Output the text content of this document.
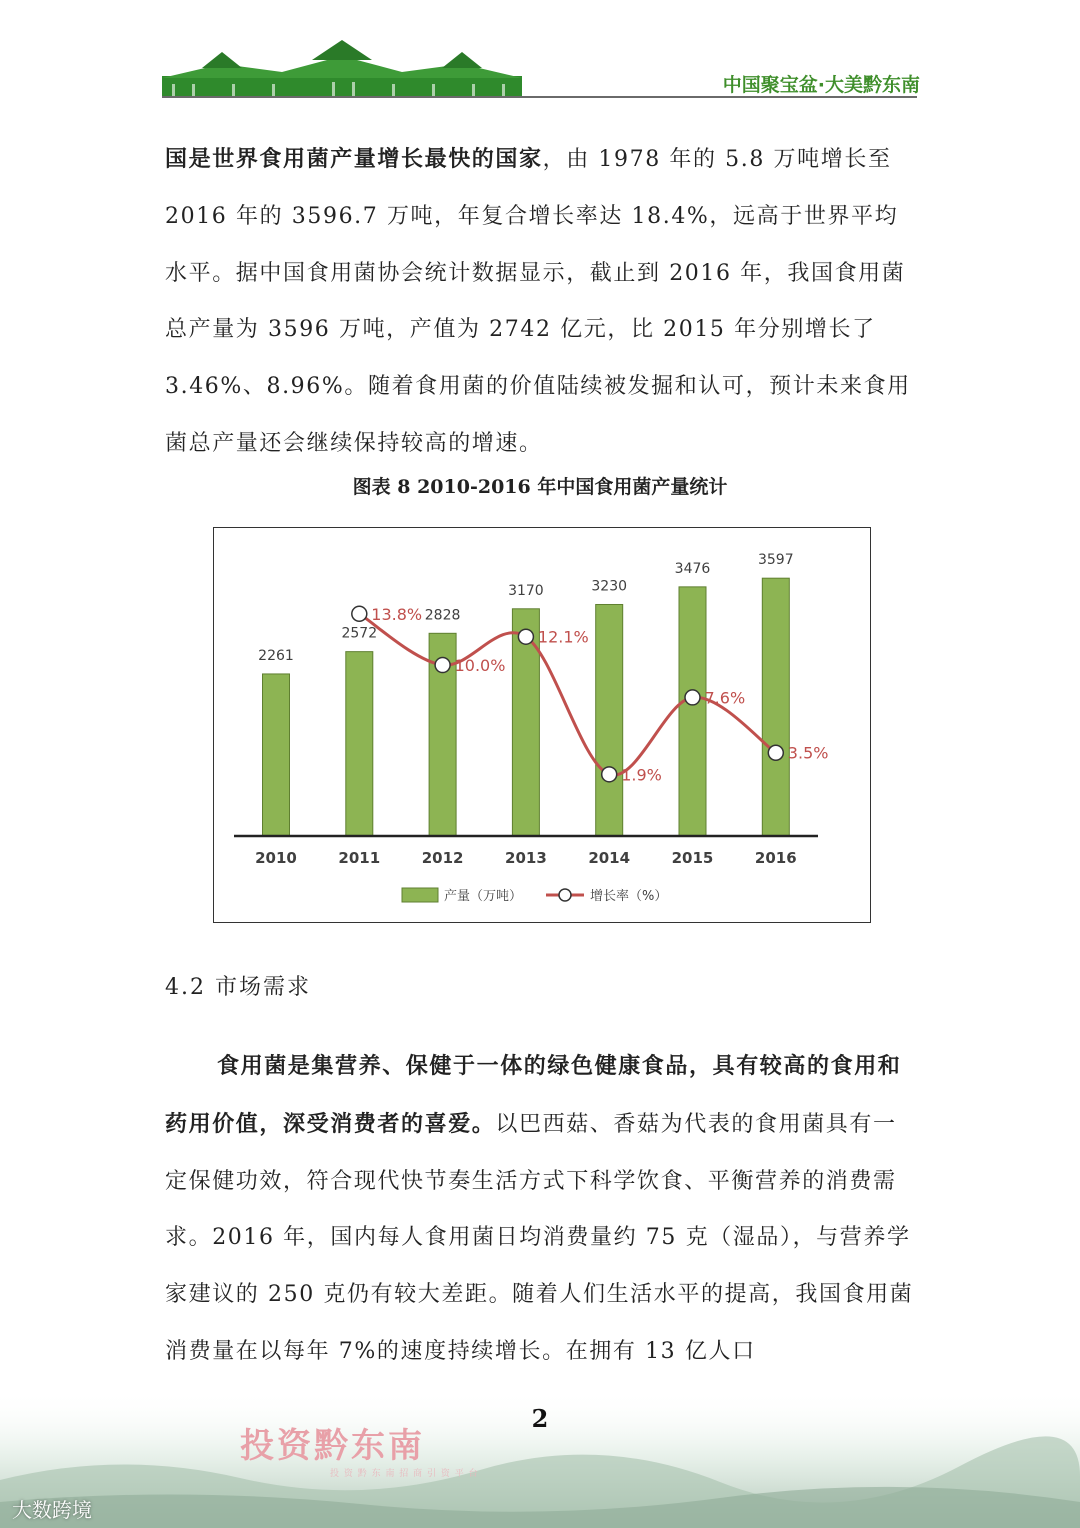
中国聚宝盆·大美黔东南

国是世界食用菌产量增长最快的国家，由 1978 年的 5.8 万吨增长至 2016 年的 3596.7 万吨，年复合增长率达 18.4%，远高于世界平均水平。据中国食用菌协会统计数据显示，截止到 2016 年，我国食用菌总产量为 3596 万吨，产值为 2742 亿元，比 2015 年分别增长了 3.46%、8.96%。随着食用菌的价值陆续被发掘和认可，预计未来食用菌总产量还会继续保持较高的增速。

图表 8 2010-2016 年中国食用菌产量统计
2261
2572
2828
3170	3230
3476
3597
2010	2011	2012	2013	2014	2015	2016
13.8%
10.0%
12.1%
1.9%
7.6%
3.5%
产量（万吨）	增长率（%）
4.2 市场需求

食用菌是集营养、保健于一体的绿色健康食品，具有较高的食用和药用价值，深受消费者的喜爱。以巴西菇、香菇为代表的食用菌具有一定保健功效，符合现代快节奏生活方式下科学饮食、平衡营养的消费需求。2016 年，国内每人食用菌日均消费量约 75 克（湿品），与营养学家建议的 250 克仍有较大差距。随着人们生活水平的提高，我国食用菌消费量在以每年 7%的速度持续增长。在拥有 13 亿人口

投资黔东南
投 资 黔 东 南 招 商 引 资 平 台
2
大数跨境
